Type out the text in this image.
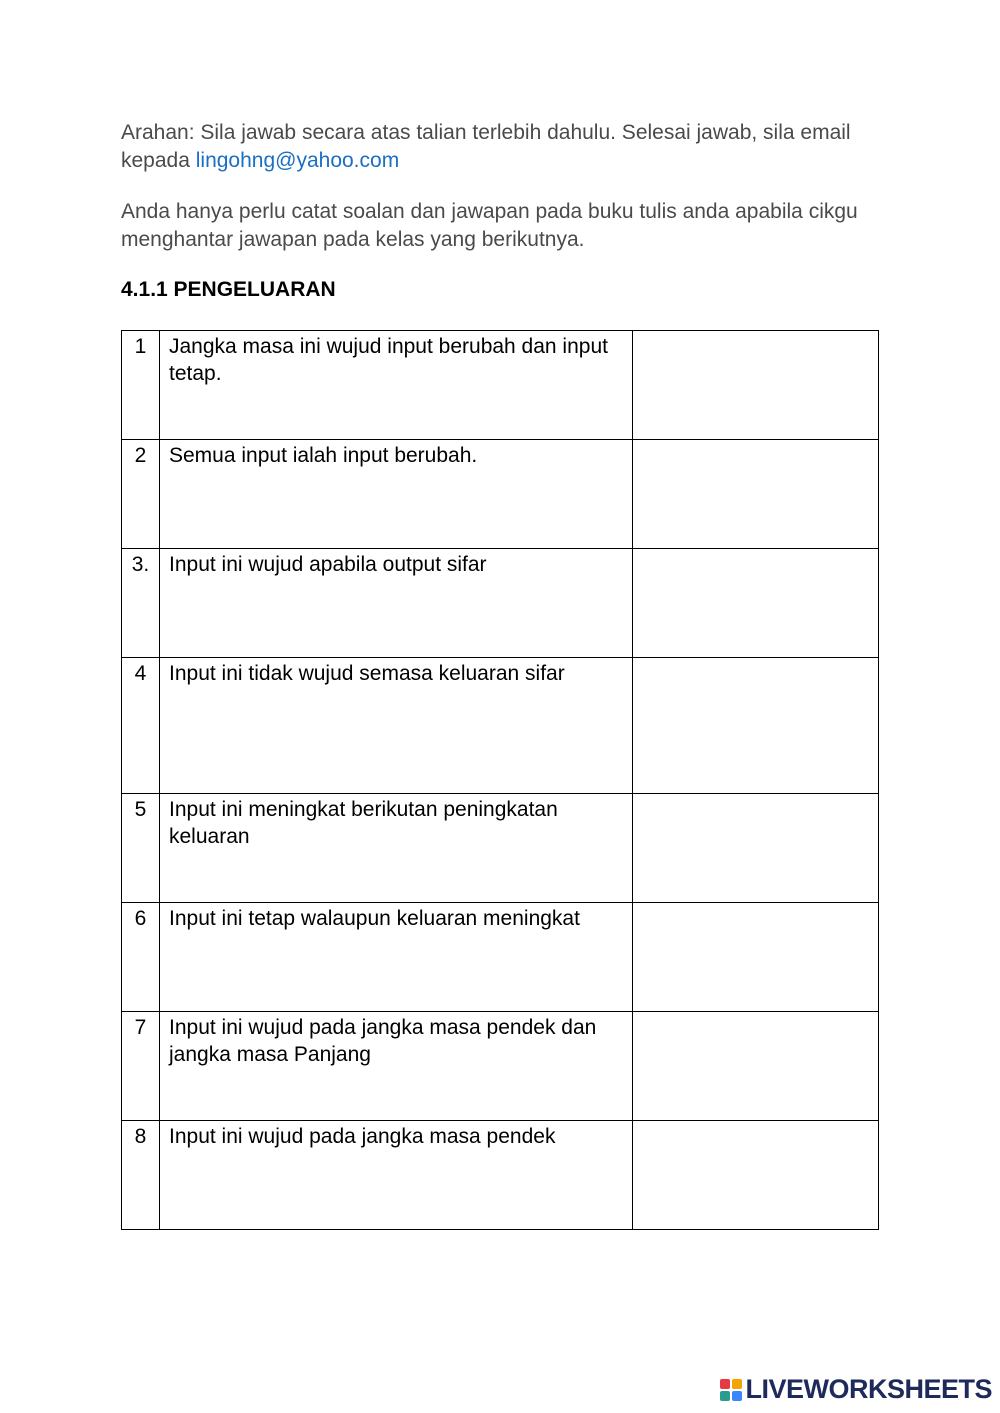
Arahan: Sila jawab secara atas talian terlebih dahulu. Selesai jawab, sila email kepada lingohng@yahoo.com

Anda hanya perlu catat soalan dan jawapan pada buku tulis anda apabila cikgu menghantar jawapan pada kelas yang berikutnya.

4.1.1 PENGELUARAN
1	Jangka masa ini wujud input berubah dan input tetap.	

2	Semua input ialah input berubah.	

3.	Input ini wujud apabila output sifar	

4	Input ini tidak wujud semasa keluaran sifar	

5	Input ini meningkat berikutan peningkatan keluaran	

6	Input ini tetap walaupun keluaran meningkat	

7	Input ini wujud pada jangka masa pendek dan jangka masa Panjang	

8	Input ini wujud pada jangka masa pendek	
LIVEWORKSHEETS
